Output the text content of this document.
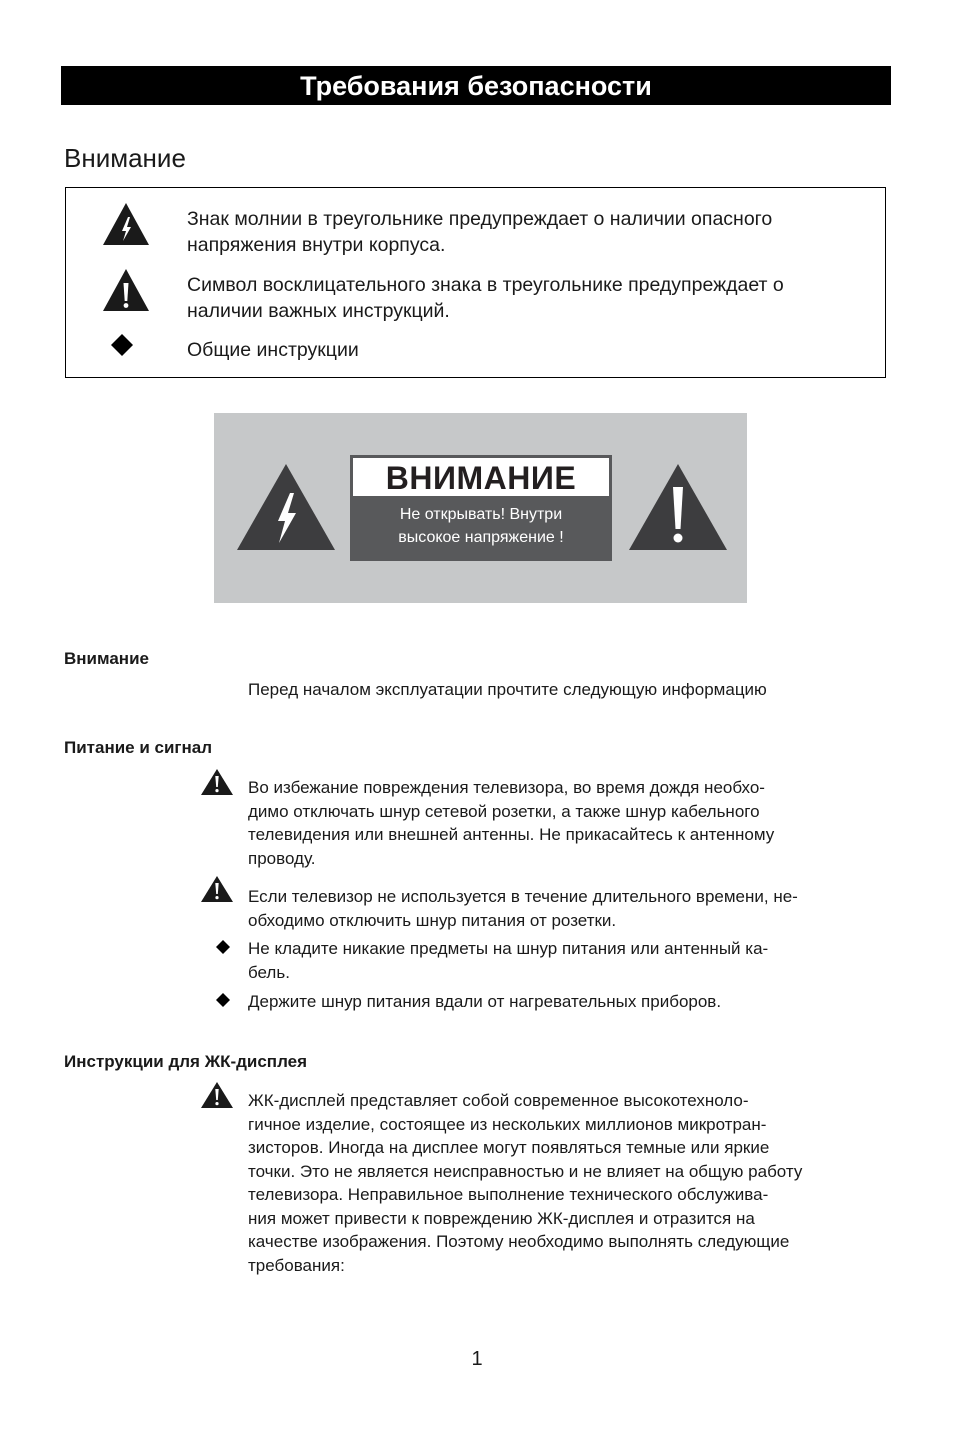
Требования безопасности
Внимание
Знак молнии в треугольнике предупреждает о наличии опасного
напряжения внутри корпуса.
Символ восклицательного знака в треугольнике предупреждает о
наличии важных инструкций.
Общие инструкции
ВНИМАНИЕ
Не открывать! Внутри
высокое напряжение !
Внимание
Перед началом эксплуатации прочтите следующую информацию
Питание и сигнал
Во избежание повреждения телевизора, во время дождя необхо-
димо отключать шнур сетевой розетки, а также шнур кабельного
телевидения или внешней антенны. Не прикасайтесь к антенному
проводу.
Если телевизор не используется в течение длительного времени, не-
обходимо отключить шнур питания от розетки.
Не кладите никакие предметы на шнур питания или антенный ка-
бель.
Держите шнур питания вдали от нагревательных приборов.
Инструкции для ЖК-дисплея
ЖК-дисплей представляет собой современное высокотехноло-
гичное изделие, состоящее из нескольких миллионов микротран-
зисторов. Иногда на дисплее могут появляться темные или яркие
точки. Это не является неисправностью и не влияет на общую работу
телевизора. Неправильное выполнение технического обслужива-
ния может привести к повреждению ЖК-дисплея и отразится на
качестве изображения. Поэтому необходимо выполнять следующие
требования:
1
